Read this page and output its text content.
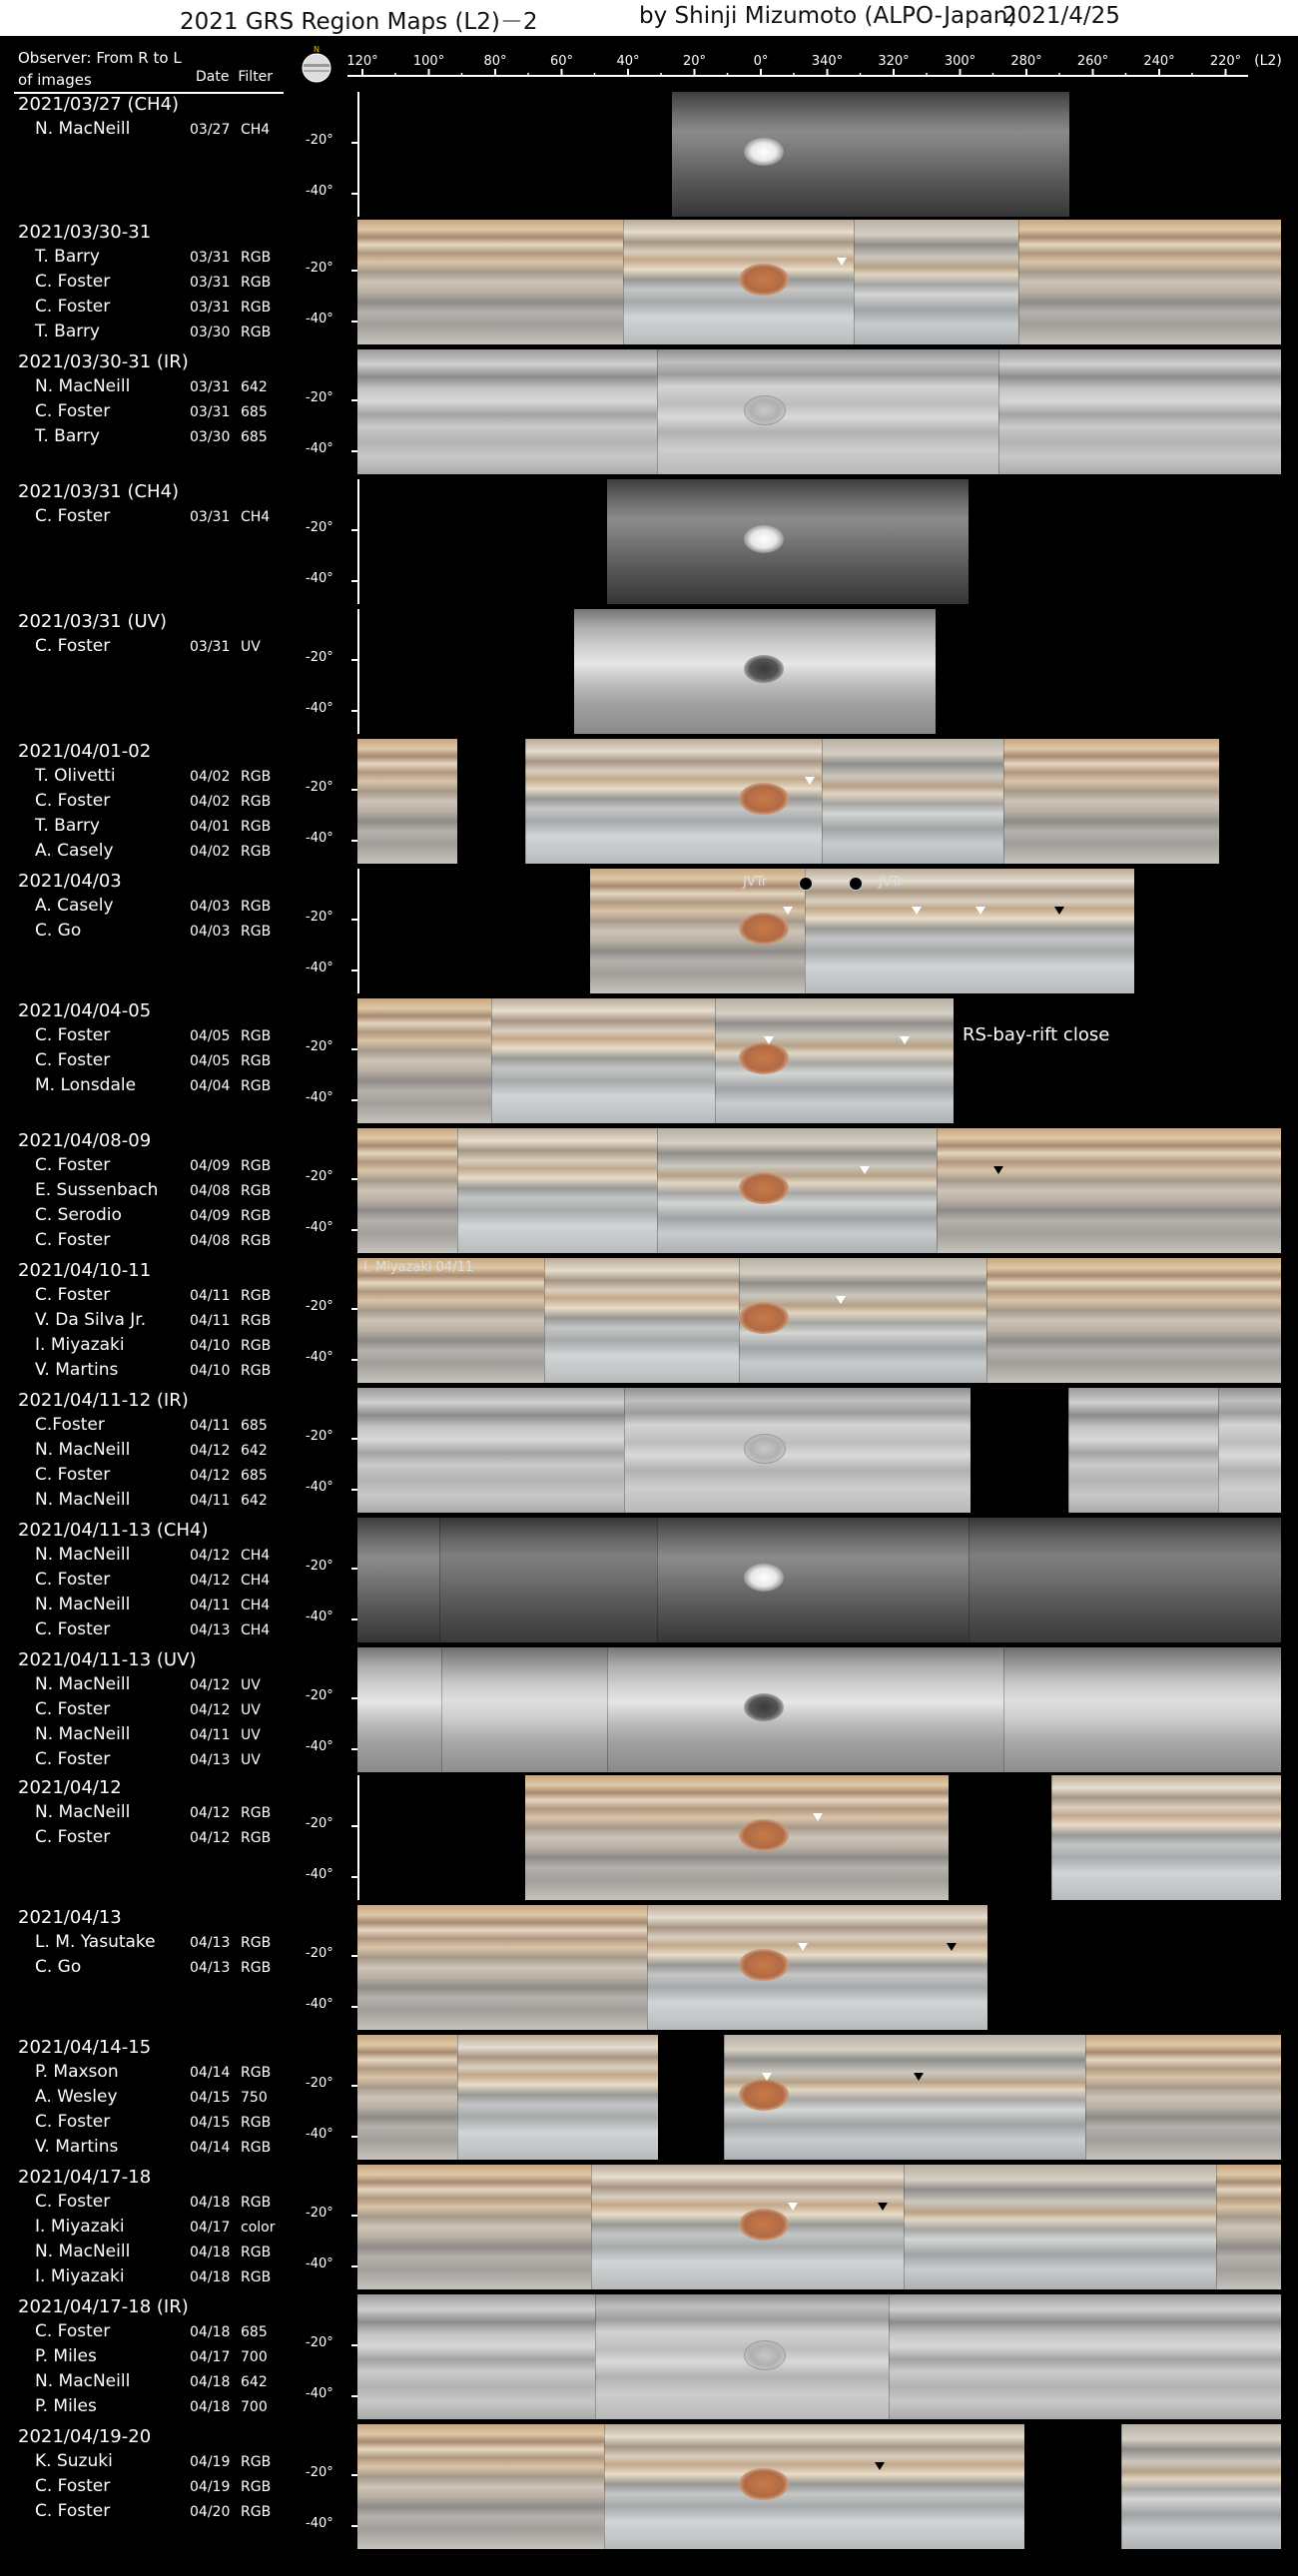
2021 GRS Region Maps (L2)－2	by Shinji Mizumoto (ALPO-Japan)
2021/4/25
Observer: From R to L
of images	Date Filter
N
120°	100°	80°	60°	40°	20°	0°	340°	320°	300°	280°	260°	240°	220° (L2)
2021/03/27 (CH4)
N. MacNeill	03/27 CH4
-20°
-40°
2021/03/30-31
T. Barry	03/31 RGB
C. Foster	03/31 RGB
C. Foster	03/31 RGB
T. Barry	03/30 RGB
-20°
-40°
2021/03/30-31 (IR)
N. MacNeill	03/31 642
C. Foster	03/31 685
T. Barry	03/30 685
-20°
-40°
2021/03/31 (CH4)
C. Foster	03/31 CH4
-20°
-40°
2021/03/31 (UV)
C. Foster	03/31 UV
-20°
-40°
2021/04/01-02
T. Olivetti	04/02 RGB
C. Foster	04/02 RGB
T. Barry	04/01 RGB
A. Casely	04/02 RGB
-20°
-40°
2021/04/03
A. Casely	04/03 RGB
C. Go	04/03 RGB
-20°
-40°
JVTr	JVTr
2021/04/04-05
C. Foster	04/05 RGB
C. Foster	04/05 RGB
M. Lonsdale	04/04 RGB
-20°
-40°
RS-bay-rift close
2021/04/08-09
C. Foster	04/09 RGB
E. Sussenbach 04/08 RGB
C. Serodio	04/09 RGB
C. Foster	04/08 RGB
-20°
-40°
2021/04/10-11
C. Foster	04/11 RGB
V. Da Silva Jr.	04/11 RGB
I. Miyazaki	04/10 RGB
V. Martins	04/10 RGB
-20°
-40°
I. Miyazaki 04/11
2021/04/11-12 (IR)
C.Foster	04/11 685
N. MacNeill	04/12 642
C. Foster	04/12 685
N. MacNeill	04/11 642
-20°
-40°
2021/04/11-13 (CH4)
N. MacNeill	04/12 CH4
C. Foster	04/12 CH4
N. MacNeill	04/11 CH4
C. Foster	04/13 CH4
-20°
-40°
2021/04/11-13 (UV)
N. MacNeill	04/12 UV
C. Foster	04/12 UV
N. MacNeill	04/11 UV
C. Foster	04/13 UV
-20°
-40°
2021/04/12
N. MacNeill	04/12 RGB
C. Foster	04/12 RGB
-20°
-40°
2021/04/13
L. M. Yasutake 04/13 RGB
C. Go	04/13 RGB
-20°
-40°
2021/04/14-15
P. Maxson	04/14 RGB
A. Wesley	04/15 750
C. Foster	04/15 RGB
V. Martins	04/14 RGB
-20°
-40°
2021/04/17-18
C. Foster	04/18 RGB
I. Miyazaki	04/17 color
N. MacNeill	04/18 RGB
I. Miyazaki	04/18 RGB
-20°
-40°
2021/04/17-18 (IR)
C. Foster	04/18 685
P. Miles	04/17 700
N. MacNeill	04/18 642
P. Miles	04/18 700
-20°
-40°
2021/04/19-20
K. Suzuki	04/19 RGB
C. Foster	04/19 RGB
C. Foster	04/20 RGB
-20°
-40°
